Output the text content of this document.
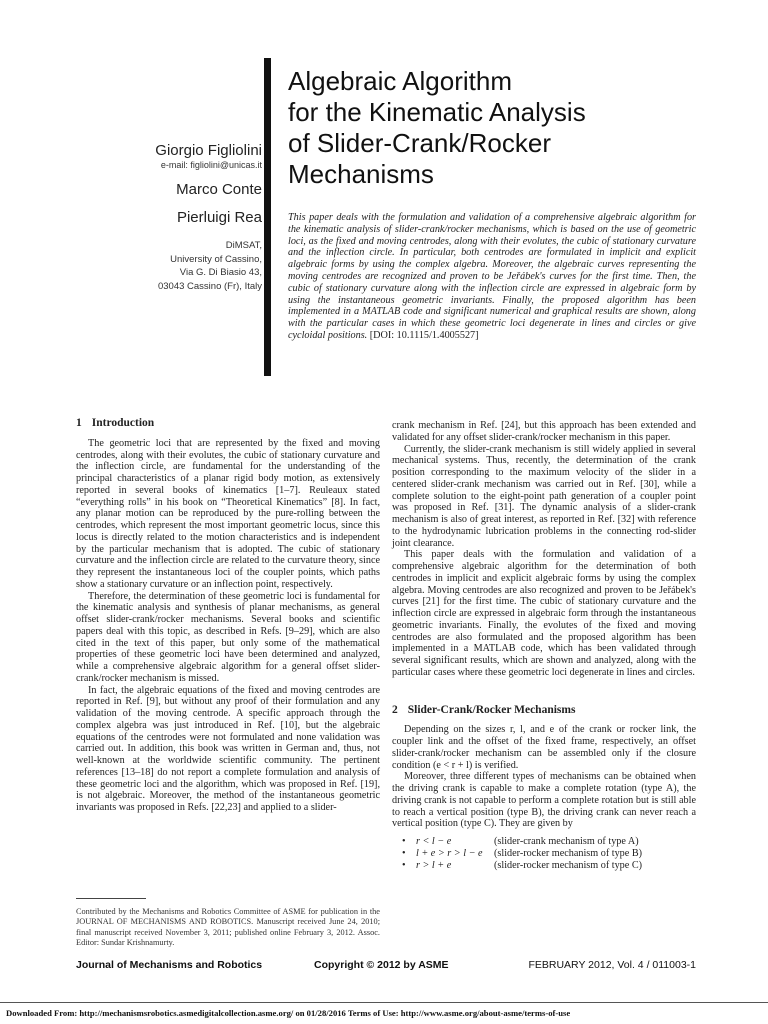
Giorgio Figliolini
e-mail: figliolini@unicas.it
Marco Conte
Pierluigi Rea
DiMSAT,
University of Cassino,
Via G. Di Biasio 43,
03043 Cassino (Fr), Italy
Algebraic Algorithm
for the Kinematic Analysis
of Slider-Crank/Rocker
Mechanisms
This paper deals with the formulation and validation of a comprehensive algebraic algorithm for the kinematic analysis of slider-crank/rocker mechanisms, which is based on the use of geometric loci, as the fixed and moving centrodes, along with their evolutes, the cubic of stationary curvature and the inflection circle. In particular, both centrodes are formulated in implicit and explicit algebraic forms by using the complex algebra. Moreover, the algebraic curves representing the moving centrodes are recognized and proven to be Jeřábek's curves for the first time. Then, the cubic of stationary curvature along with the inflection circle are expressed in algebraic form by using the instantaneous geometric invariants. Finally, the proposed algorithm has been implemented in a MATLAB code and significant numerical and graphical results are shown, along with the particular cases in which these geometric loci degenerate in lines and circles or give cycloidal positions. [DOI: 10.1115/1.4005527]
1 Introduction

The geometric loci that are represented by the fixed and moving centrodes, along with their evolutes, the cubic of stationary curvature and the inflection circle, are fundamental for the understanding of the principal characteristics of a planar rigid body motion, as extensively reported in several books of kinematics [1–7]. Reuleaux stated “everything rolls” in his book on “Theoretical Kinematics” [8]. In fact, any planar motion can be reproduced by the pure-rolling between the centrodes, which represent the most important geometric locus, since this locus is directly related to the motion characteristics and is independent by the particular mechanism that is adopted. The cubic of stationary curvature and the inflection circle are related to the curvature theory, since they represent the instantaneous loci of the coupler points, which paths show a stationary curvature or an inflection point, respectively.

Therefore, the determination of these geometric loci is fundamental for the kinematic analysis and synthesis of planar mechanisms, as general offset slider-crank/rocker mechanisms. Several books and scientific papers deal with this topic, as described in Refs. [9–29], which are also cited in the text of this paper, but only some of the mathematical properties of these geometric loci have been determined and analyzed, while a comprehensive algebraic algorithm for a general offset slider-crank/rocker mechanism is missed.

In fact, the algebraic equations of the fixed and moving centrodes are reported in Ref. [9], but without any proof of their formulation and any validation of the moving centrode. A specific approach through the complex algebra was just introduced in Ref. [10], but the algebraic equations of the centrodes were not formulated and none validation was carried out. In addition, this book was written in German and, thus, not well-known at the worldwide scientific community. The pertinent references [13–18] do not report a complete formulation and analysis of these geometric loci and the algorithm, which was proposed in Ref. [19], is not algebraic. Moreover, the method of the instantaneous geometric invariants was proposed in Refs. [22,23] and applied to a slider-

crank mechanism in Ref. [24], but this approach has been extended and validated for any offset slider-crank/rocker mechanism in this paper.

Currently, the slider-crank mechanism is still widely applied in several mechanical systems. Thus, recently, the determination of the crank position corresponding to the maximum velocity of the slider in a centered slider-crank mechanism was carried out in Ref. [30], while a complete solution to the eight-point path generation of a coupler point was proposed in Ref. [31]. The dynamic analysis of a slider-crank mechanism is also of great interest, as reported in Ref. [32] with reference to the hydrodynamic lubrication problems in the connecting rod-slider joint clearance.

This paper deals with the formulation and validation of a comprehensive algebraic algorithm for the determination of both centrodes in implicit and explicit algebraic forms by using the complex algebra. Moving centrodes are also recognized and proven to be Jeřábek's curves [21] for the first time. The cubic of stationary curvature and the inflection circle are expressed in algebraic form through the instantaneous geometric invariants. Finally, the evolutes of the fixed and moving centrodes are also formulated and the proposed algorithm has been implemented in a MATLAB code, which has been validated through several significant results, which are shown and analyzed, along with the particular cases where these geometric loci degenerate in lines and circles.

2 Slider-Crank/Rocker Mechanisms

Depending on the sizes r, l, and e of the crank or rocker link, the coupler link and the offset of the fixed frame, respectively, an offset slider-crank/rocker mechanism can be assembled only if the closure condition (e < r + l) is verified.

Moreover, three different types of mechanisms can be obtained when the driving crank is capable to make a complete rotation (type A), the driving crank is not capable to perform a complete rotation but is still able to reach a vertical position (type B), the driving crank can never reach a vertical position (type C). They are given by

•	r < l − e	(slider-crank mechanism of type A)
•	l + e > r > l − e	(slider-rocker mechanism of type B)
•	r > l + e	(slider-rocker mechanism of type C)
Contributed by the Mechanisms and Robotics Committee of ASME for publication in the JOURNAL OF MECHANISMS AND ROBOTICS. Manuscript received June 24, 2010; final manuscript received November 3, 2011; published online February 3, 2012. Assoc. Editor: Sundar Krishnamurty.
Journal of Mechanisms and Robotics	Copyright © 2012 by ASME	FEBRUARY 2012, Vol. 4 / 011003-1
Downloaded From: http://mechanismsrobotics.asmedigitalcollection.asme.org/ on 01/28/2016 Terms of Use: http://www.asme.org/about-asme/terms-of-use
